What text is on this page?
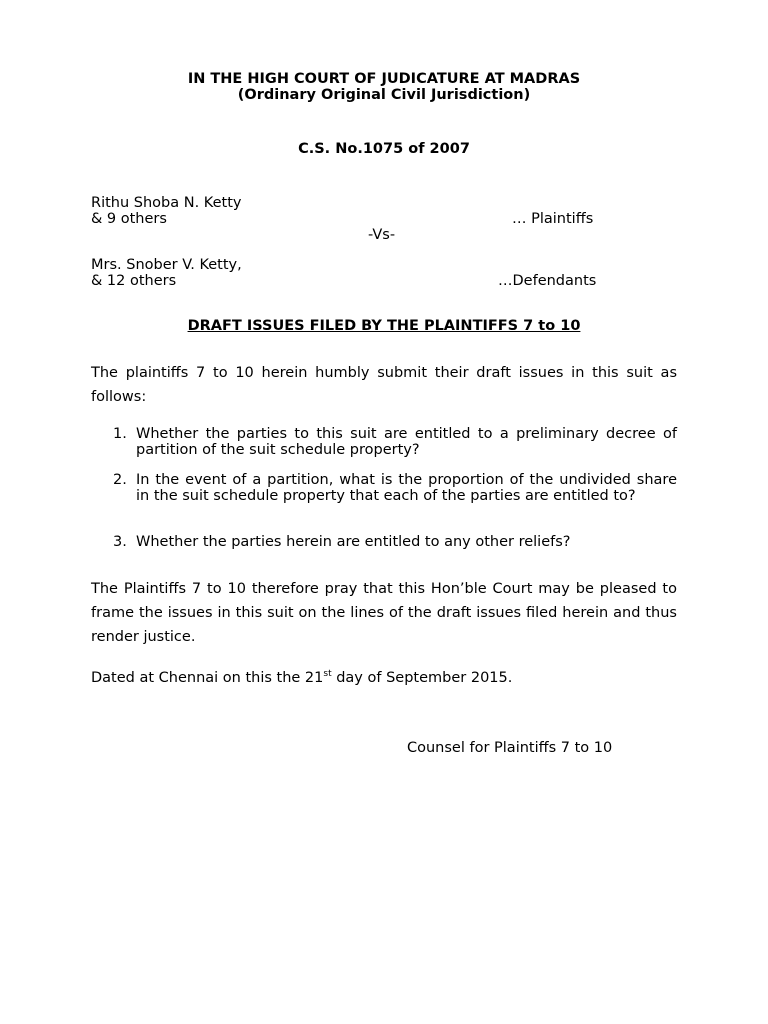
IN THE HIGH COURT OF JUDICATURE AT MADRAS
(Ordinary Original Civil Jurisdiction)
C.S. No.1075 of 2007
Rithu Shoba N. Ketty
& 9 others	… Plaintiffs
-Vs-
Mrs. Snober V. Ketty,
& 12 others	…Defendants
DRAFT ISSUES FILED BY THE PLAINTIFFS 7 to 10
The plaintiffs 7 to 10 herein humbly submit their draft issues in this suit as follows:
1. Whether the parties to this suit are entitled to a preliminary decree of partition of the suit schedule property?
2. In the event of a partition, what is the proportion of the undivided share in the suit schedule property that each of the parties are entitled to?
3. Whether the parties herein are entitled to any other reliefs?
The Plaintiffs 7 to 10 therefore pray that this Hon’ble Court may be pleased to frame the issues in this suit on the lines of the draft issues filed herein and thus render justice.
Dated at Chennai on this the 21st day of September 2015.
Counsel for Plaintiffs 7 to 10
